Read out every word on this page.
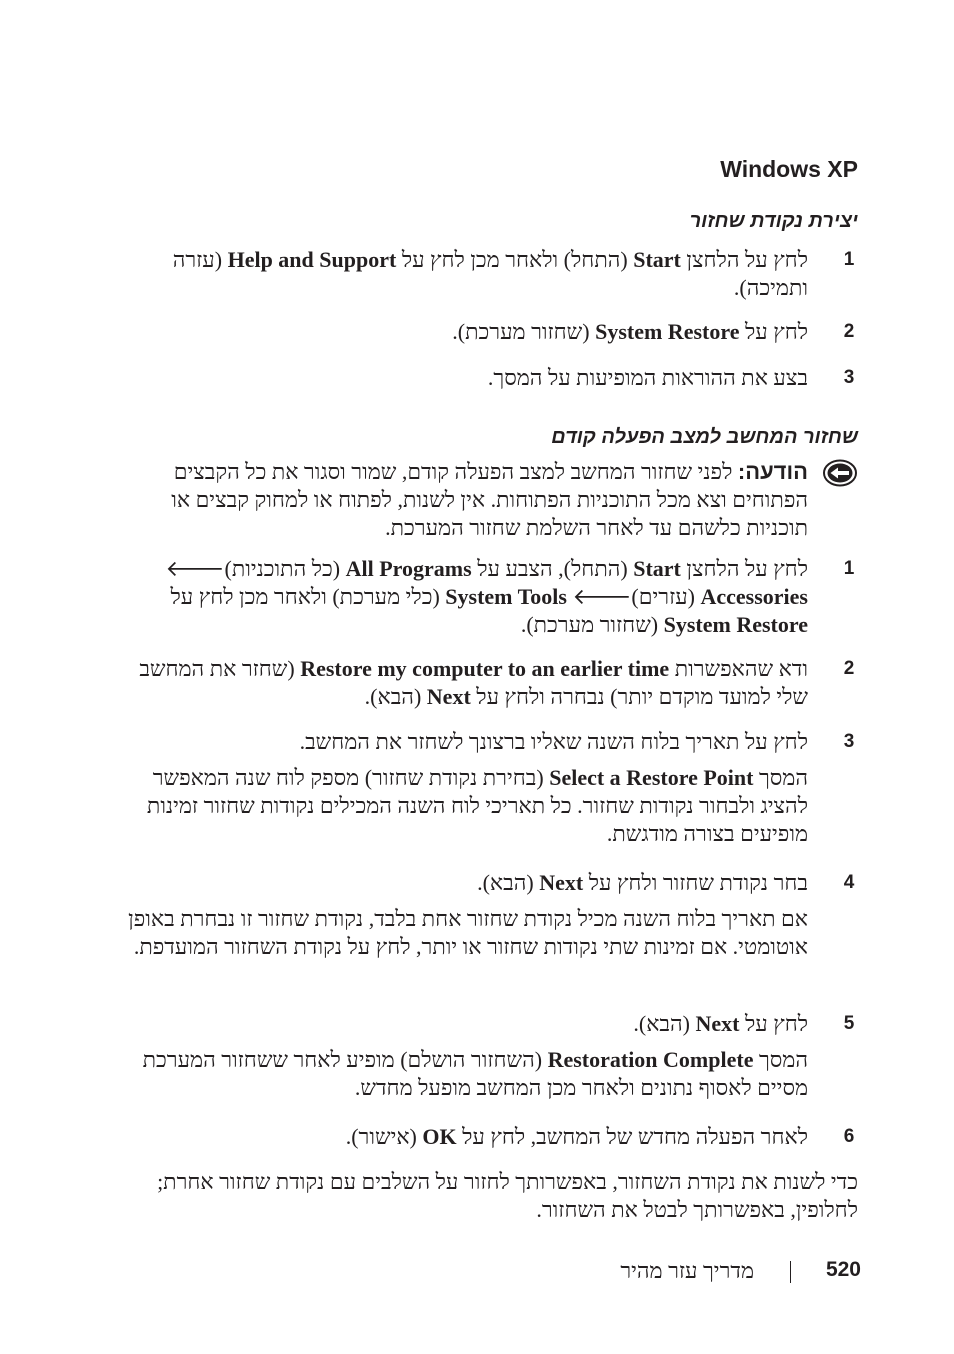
Windows XP
יצירת נקודת שחזור
1
לחץ על הלחצן Start (התחל) ולאחר מכן לחץ על Help and Support (עזרה ותמיכה).
2
לחץ על System Restore (שחזור מערכת).
3
בצע את ההוראות המופיעות על המסך.
שחזור המחשב למצב הפעלה קודם
הודעה: לפני שחזור המחשב למצב הפעלה קודם, שמור וסגור את כל הקבצים הפתוחים וצא מכל התוכניות הפתוחות. אין לשנות, לפתוח או למחוק קבצים או תוכניות כלשהם עד לאחר השלמת שחזור המערכת.
1
לחץ על הלחצן Start (התחל), הצבע על All Programs (כל התוכניות)🡐 Accessories (עזרים)🡐 System Tools (כלי מערכת) ולאחר מכן לחץ על System Restore (שחזור מערכת).
2
ודא שהאפשרות Restore my computer to an earlier time (שחזר את המחשב שלי למועד מוקדם יותר) נבחרה ולחץ על Next (הבא).
3
לחץ על תאריך בלוח השנה שאליו ברצונך לשחזר את המחשב.
המסך Select a Restore Point (בחירת נקודת שחזור) מספק לוח שנה המאפשר להציג ולבחור נקודות שחזור. כל תאריכי לוח השנה המכילים נקודות שחזור זמינות מופיעים בצורה מודגשת.
4
בחר נקודת שחזור ולחץ על Next (הבא).
אם תאריך בלוח השנה מכיל נקודת שחזור אחת בלבד, נקודת שחזור זו נבחרת באופן אוטומטי. אם זמינות שתי נקודות שחזור או יותר, לחץ על נקודת השחזור המועדפת.
5
לחץ על Next (הבא).
המסך Restoration Complete (השחזור הושלם) מופיע לאחר ששחזור המערכת מסיים לאסוף נתונים ולאחר מכן המחשב מופעל מחדש.
6
לאחר הפעלה מחדש של המחשב, לחץ על OK (אישור).
כדי לשנות את נקודת השחזור, באפשרותך לחזור על השלבים עם נקודת שחזור אחרת; לחלופין, באפשרותך לבטל את השחזור.
מדריך עזר מהיר	520
